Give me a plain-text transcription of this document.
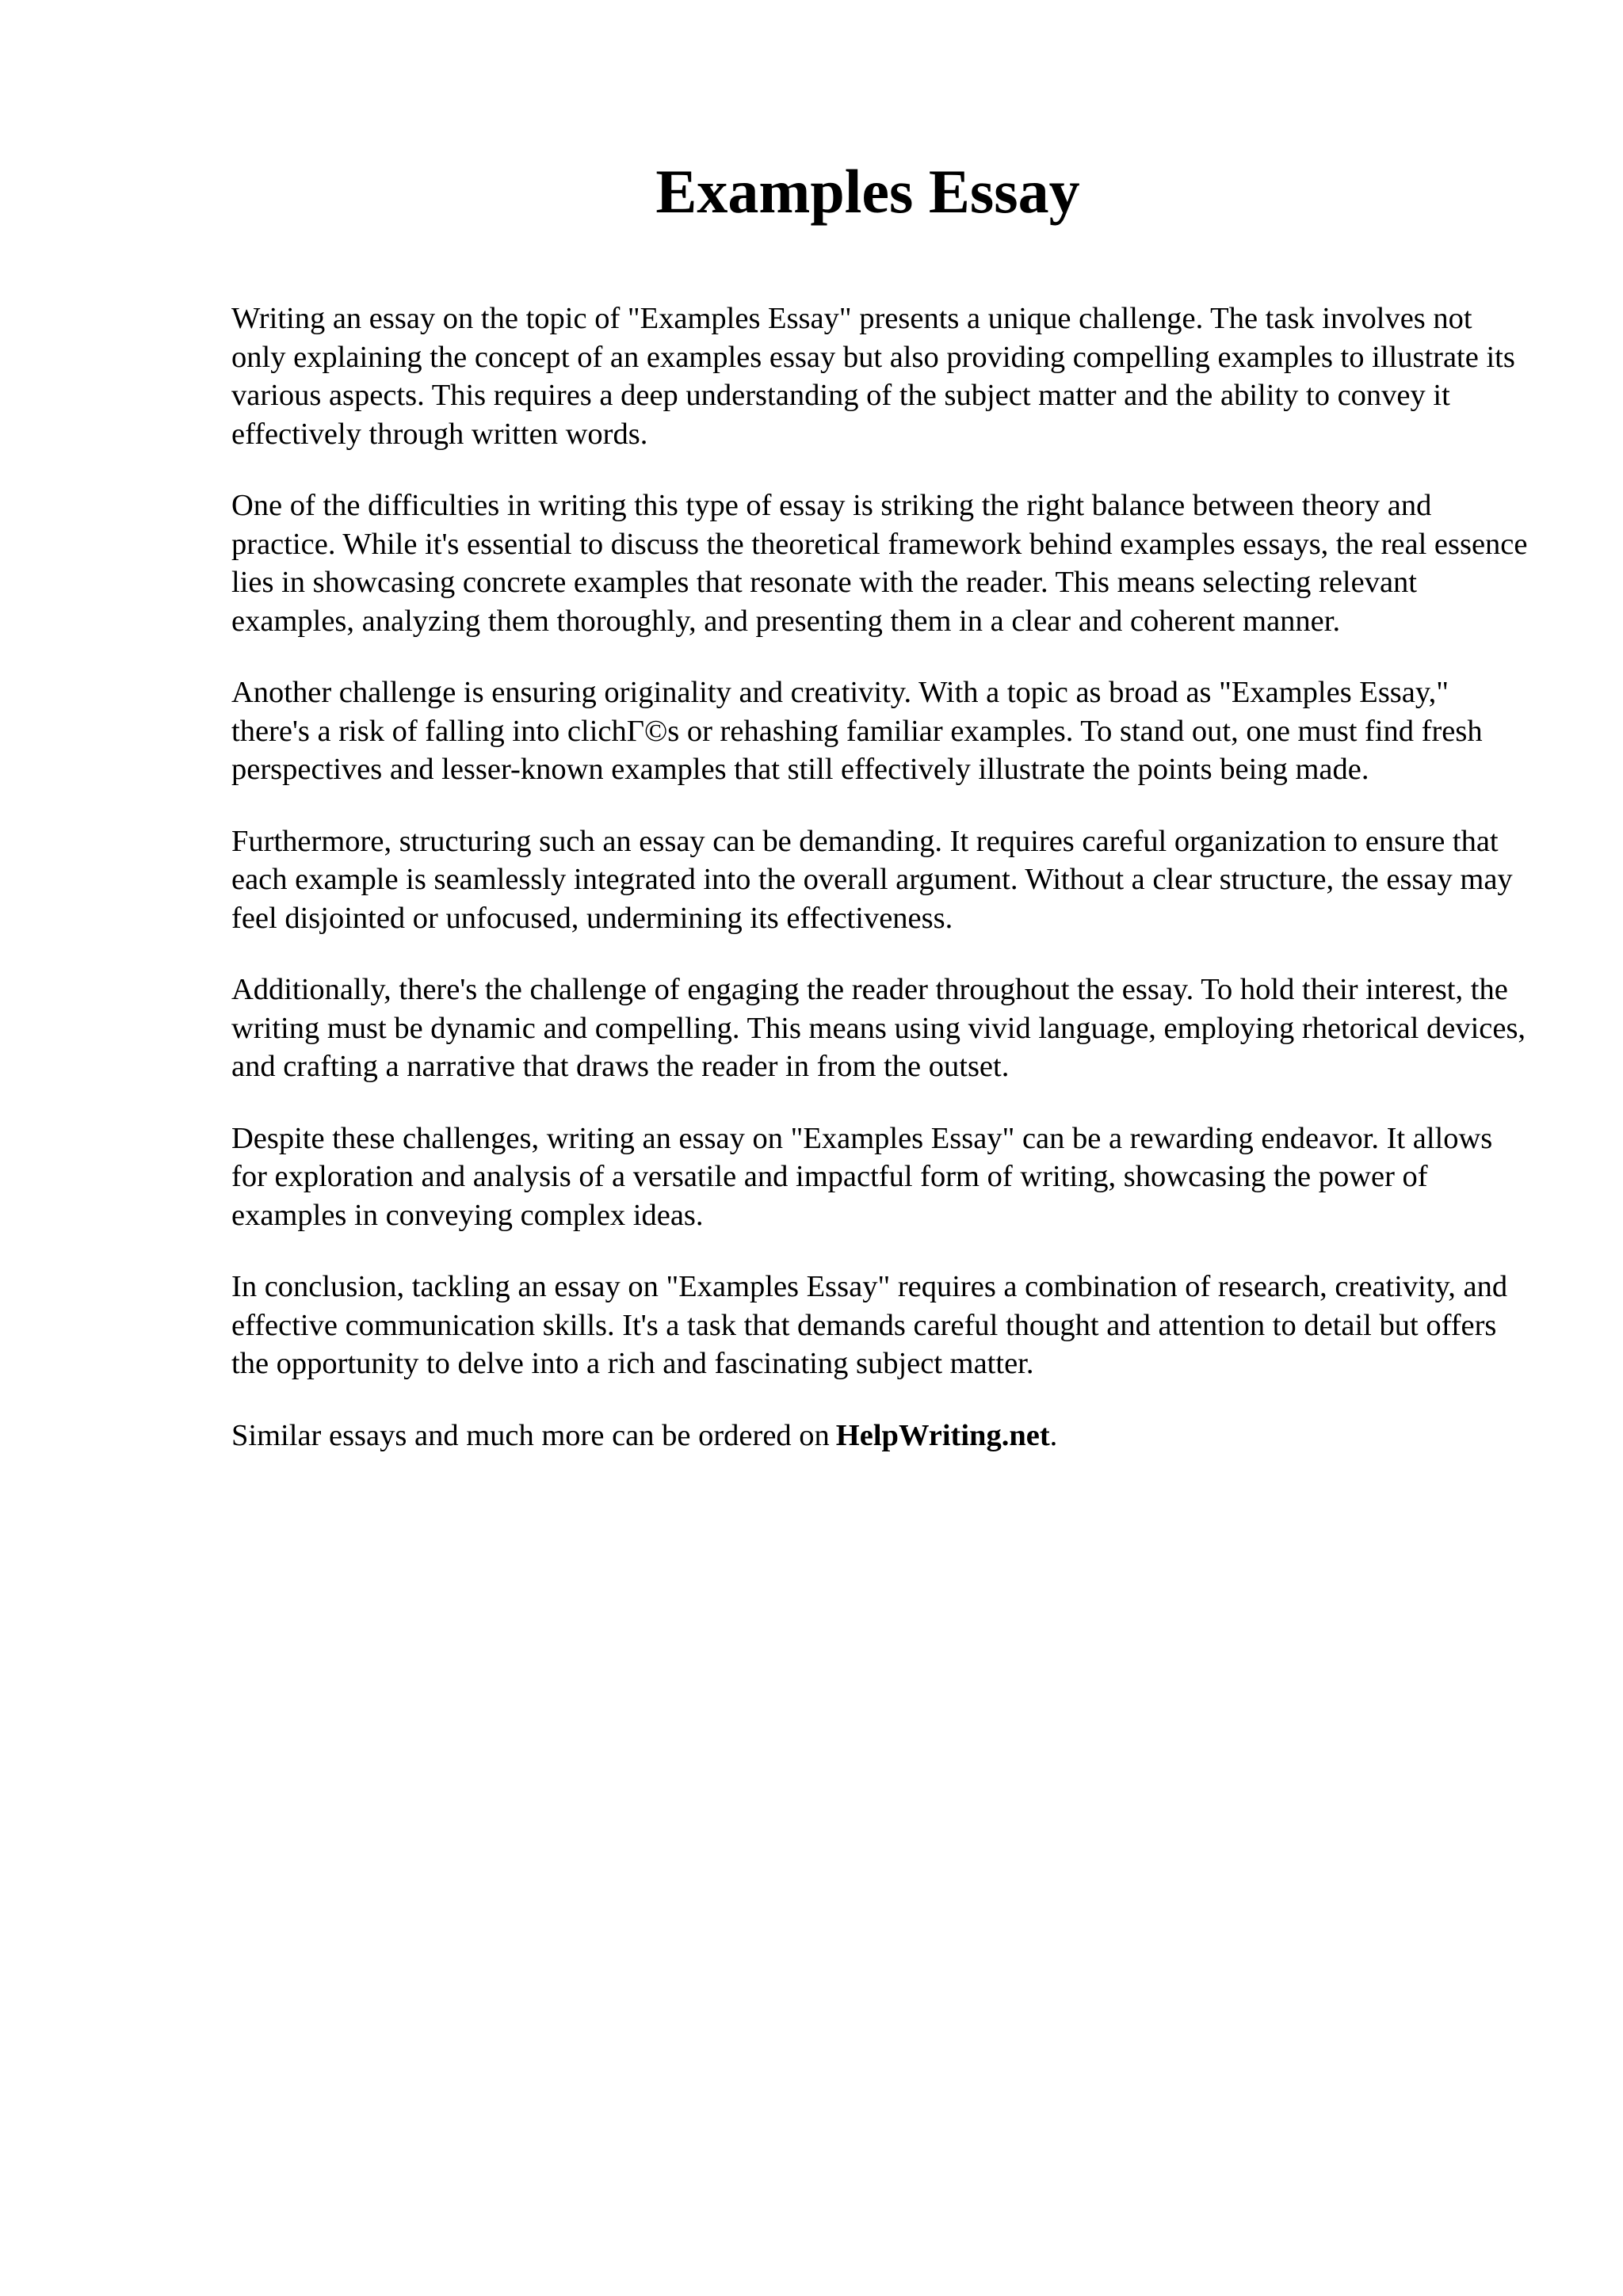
Examples Essay

Writing an essay on the topic of "Examples Essay" presents a unique challenge. The task involves not only explaining the concept of an examples essay but also providing compelling examples to illustrate its various aspects. This requires a deep understanding of the subject matter and the ability to convey it effectively through written words.

One of the difficulties in writing this type of essay is striking the right balance between theory and practice. While it's essential to discuss the theoretical framework behind examples essays, the real essence lies in showcasing concrete examples that resonate with the reader. This means selecting relevant examples, analyzing them thoroughly, and presenting them in a clear and coherent manner.

Another challenge is ensuring originality and creativity. With a topic as broad as "Examples Essay," there's a risk of falling into clichΓ©s or rehashing familiar examples. To stand out, one must find fresh perspectives and lesser-known examples that still effectively illustrate the points being made.

Furthermore, structuring such an essay can be demanding. It requires careful organization to ensure that each example is seamlessly integrated into the overall argument. Without a clear structure, the essay may feel disjointed or unfocused, undermining its effectiveness.

Additionally, there's the challenge of engaging the reader throughout the essay. To hold their interest, the writing must be dynamic and compelling. This means using vivid language, employing rhetorical devices, and crafting a narrative that draws the reader in from the outset.

Despite these challenges, writing an essay on "Examples Essay" can be a rewarding endeavor. It allows for exploration and analysis of a versatile and impactful form of writing, showcasing the power of examples in conveying complex ideas.

In conclusion, tackling an essay on "Examples Essay" requires a combination of research, creativity, and effective communication skills. It's a task that demands careful thought and attention to detail but offers the opportunity to delve into a rich and fascinating subject matter.

Similar essays and much more can be ordered on HelpWriting.net.
